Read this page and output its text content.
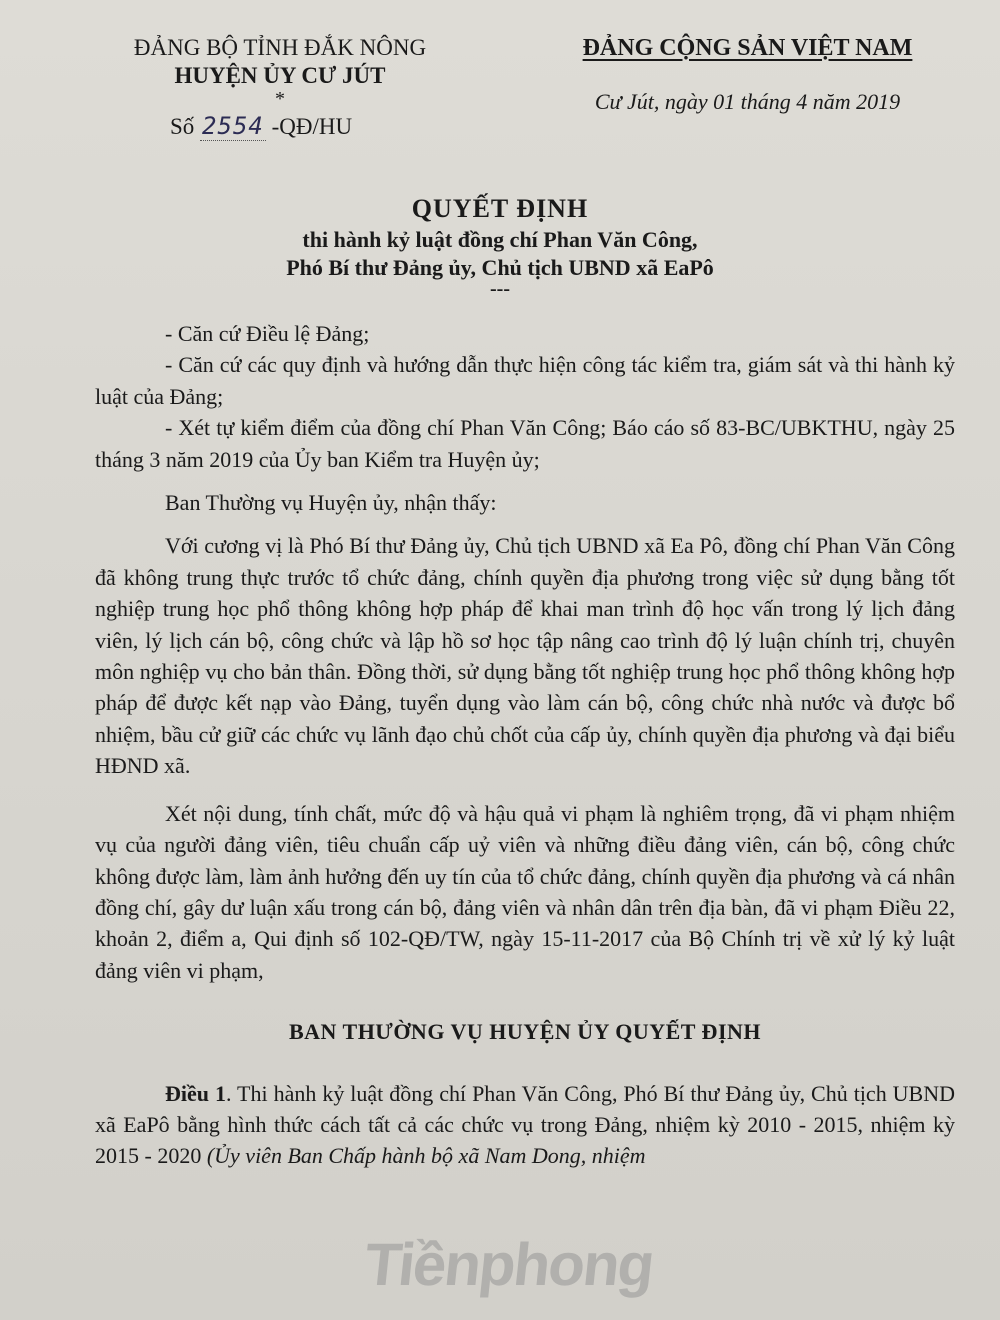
ĐẢNG BỘ TỈNH ĐẮK NÔNG
HUYỆN ỦY CƯ JÚT
*
Số 2554 -QĐ/HU
ĐẢNG CỘNG SẢN VIỆT NAM
Cư Jút, ngày 01 tháng 4 năm 2019
QUYẾT ĐỊNH
thi hành kỷ luật đồng chí Phan Văn Công,
Phó Bí thư Đảng ủy, Chủ tịch UBND xã EaPô
---

- Căn cứ Điều lệ Đảng;

- Căn cứ các quy định và hướng dẫn thực hiện công tác kiểm tra, giám sát và thi hành kỷ luật của Đảng;

- Xét tự kiểm điểm của đồng chí Phan Văn Công; Báo cáo số 83-BC/UBKTHU, ngày 25 tháng 3 năm 2019 của Ủy ban Kiểm tra Huyện ủy;

Ban Thường vụ Huyện ủy, nhận thấy:

Với cương vị là Phó Bí thư Đảng ủy, Chủ tịch UBND xã Ea Pô, đồng chí Phan Văn Công đã không trung thực trước tổ chức đảng, chính quyền địa phương trong việc sử dụng bằng tốt nghiệp trung học phổ thông không hợp pháp để khai man trình độ học vấn trong lý lịch đảng viên, lý lịch cán bộ, công chức và lập hồ sơ học tập nâng cao trình độ lý luận chính trị, chuyên môn nghiệp vụ cho bản thân. Đồng thời, sử dụng bằng tốt nghiệp trung học phổ thông không hợp pháp để được kết nạp vào Đảng, tuyển dụng vào làm cán bộ, công chức nhà nước và được bổ nhiệm, bầu cử giữ các chức vụ lãnh đạo chủ chốt của cấp ủy, chính quyền địa phương và đại biểu HĐND xã.

Xét nội dung, tính chất, mức độ và hậu quả vi phạm là nghiêm trọng, đã vi phạm nhiệm vụ của người đảng viên, tiêu chuẩn cấp uỷ viên và những điều đảng viên, cán bộ, công chức không được làm, làm ảnh hưởng đến uy tín của tổ chức đảng, chính quyền địa phương và cá nhân đồng chí, gây dư luận xấu trong cán bộ, đảng viên và nhân dân trên địa bàn, đã vi phạm Điều 22, khoản 2, điểm a, Qui định số 102-QĐ/TW, ngày 15-11-2017 của Bộ Chính trị về xử lý kỷ luật đảng viên vi phạm,

BAN THƯỜNG VỤ HUYỆN ỦY QUYẾT ĐỊNH

Điều 1. Thi hành kỷ luật đồng chí Phan Văn Công, Phó Bí thư Đảng ủy, Chủ tịch UBND xã EaPô bằng hình thức cách tất cả các chức vụ trong Đảng, nhiệm kỳ 2010 - 2015, nhiệm kỳ 2015 - 2020 (Ủy viên Ban Chấp hành bộ xã Nam Dong, nhiệm

Tiềnphong
